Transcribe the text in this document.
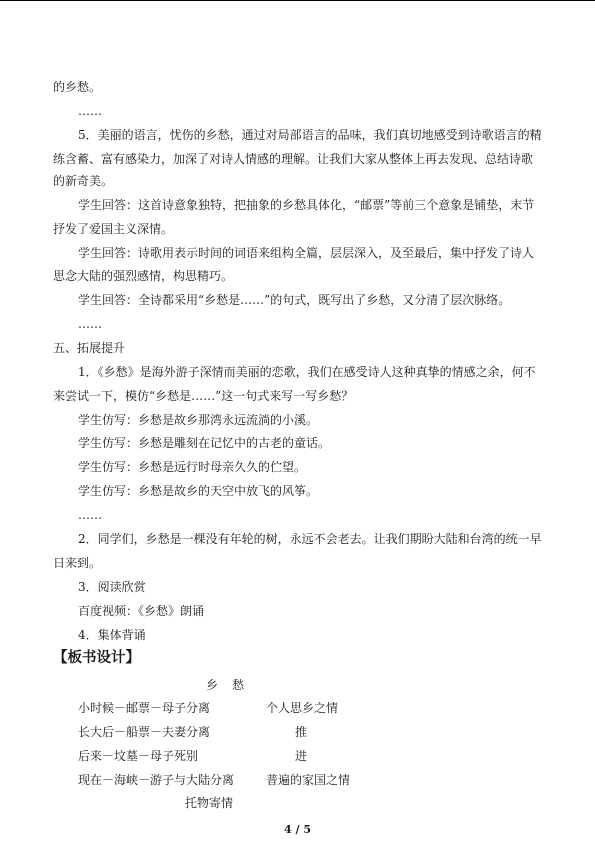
的乡愁。
……
5．美丽的语言，忧伤的乡愁，通过对局部语言的品味，我们真切地感受到诗歌语言的精
练含蓄、富有感染力，加深了对诗人情感的理解。让我们大家从整体上再去发现、总结诗歌
的新奇美。
学生回答：这首诗意象独特，把抽象的乡愁具体化，“邮票”等前三个意象是铺垫，末节
抒发了爱国主义深情。
学生回答：诗歌用表示时间的词语来组构全篇，层层深入，及至最后，集中抒发了诗人
思念大陆的强烈感情，构思精巧。
学生回答：全诗都采用“乡愁是……”的句式，既写出了乡愁，又分清了层次脉络。
……
五、拓展提升
1．《乡愁》是海外游子深情而美丽的恋歌，我们在感受诗人这种真挚的情感之余，何不
来尝试一下，模仿“乡愁是……”这一句式来写一写乡愁？
学生仿写：乡愁是故乡那湾永远流淌的小溪。
学生仿写：乡愁是雕刻在记忆中的古老的童话。
学生仿写：乡愁是远行时母亲久久的伫望。
学生仿写：乡愁是故乡的天空中放飞的风筝。
……
2．同学们，乡愁是一棵没有年轮的树，永远不会老去。让我们期盼大陆和台湾的统一早
日来到。
3．阅读欣赏
百度视频：《乡愁》朗诵
4．集体背诵
【板书设计】
乡愁
小时候－邮票－母子分离	个人思乡之情
长大后－船票－夫妻分离	推
后来－坟墓－母子死别	进
现在－海峡－游子与大陆分离	普遍的家国之情
托物寄情
4 / 5
